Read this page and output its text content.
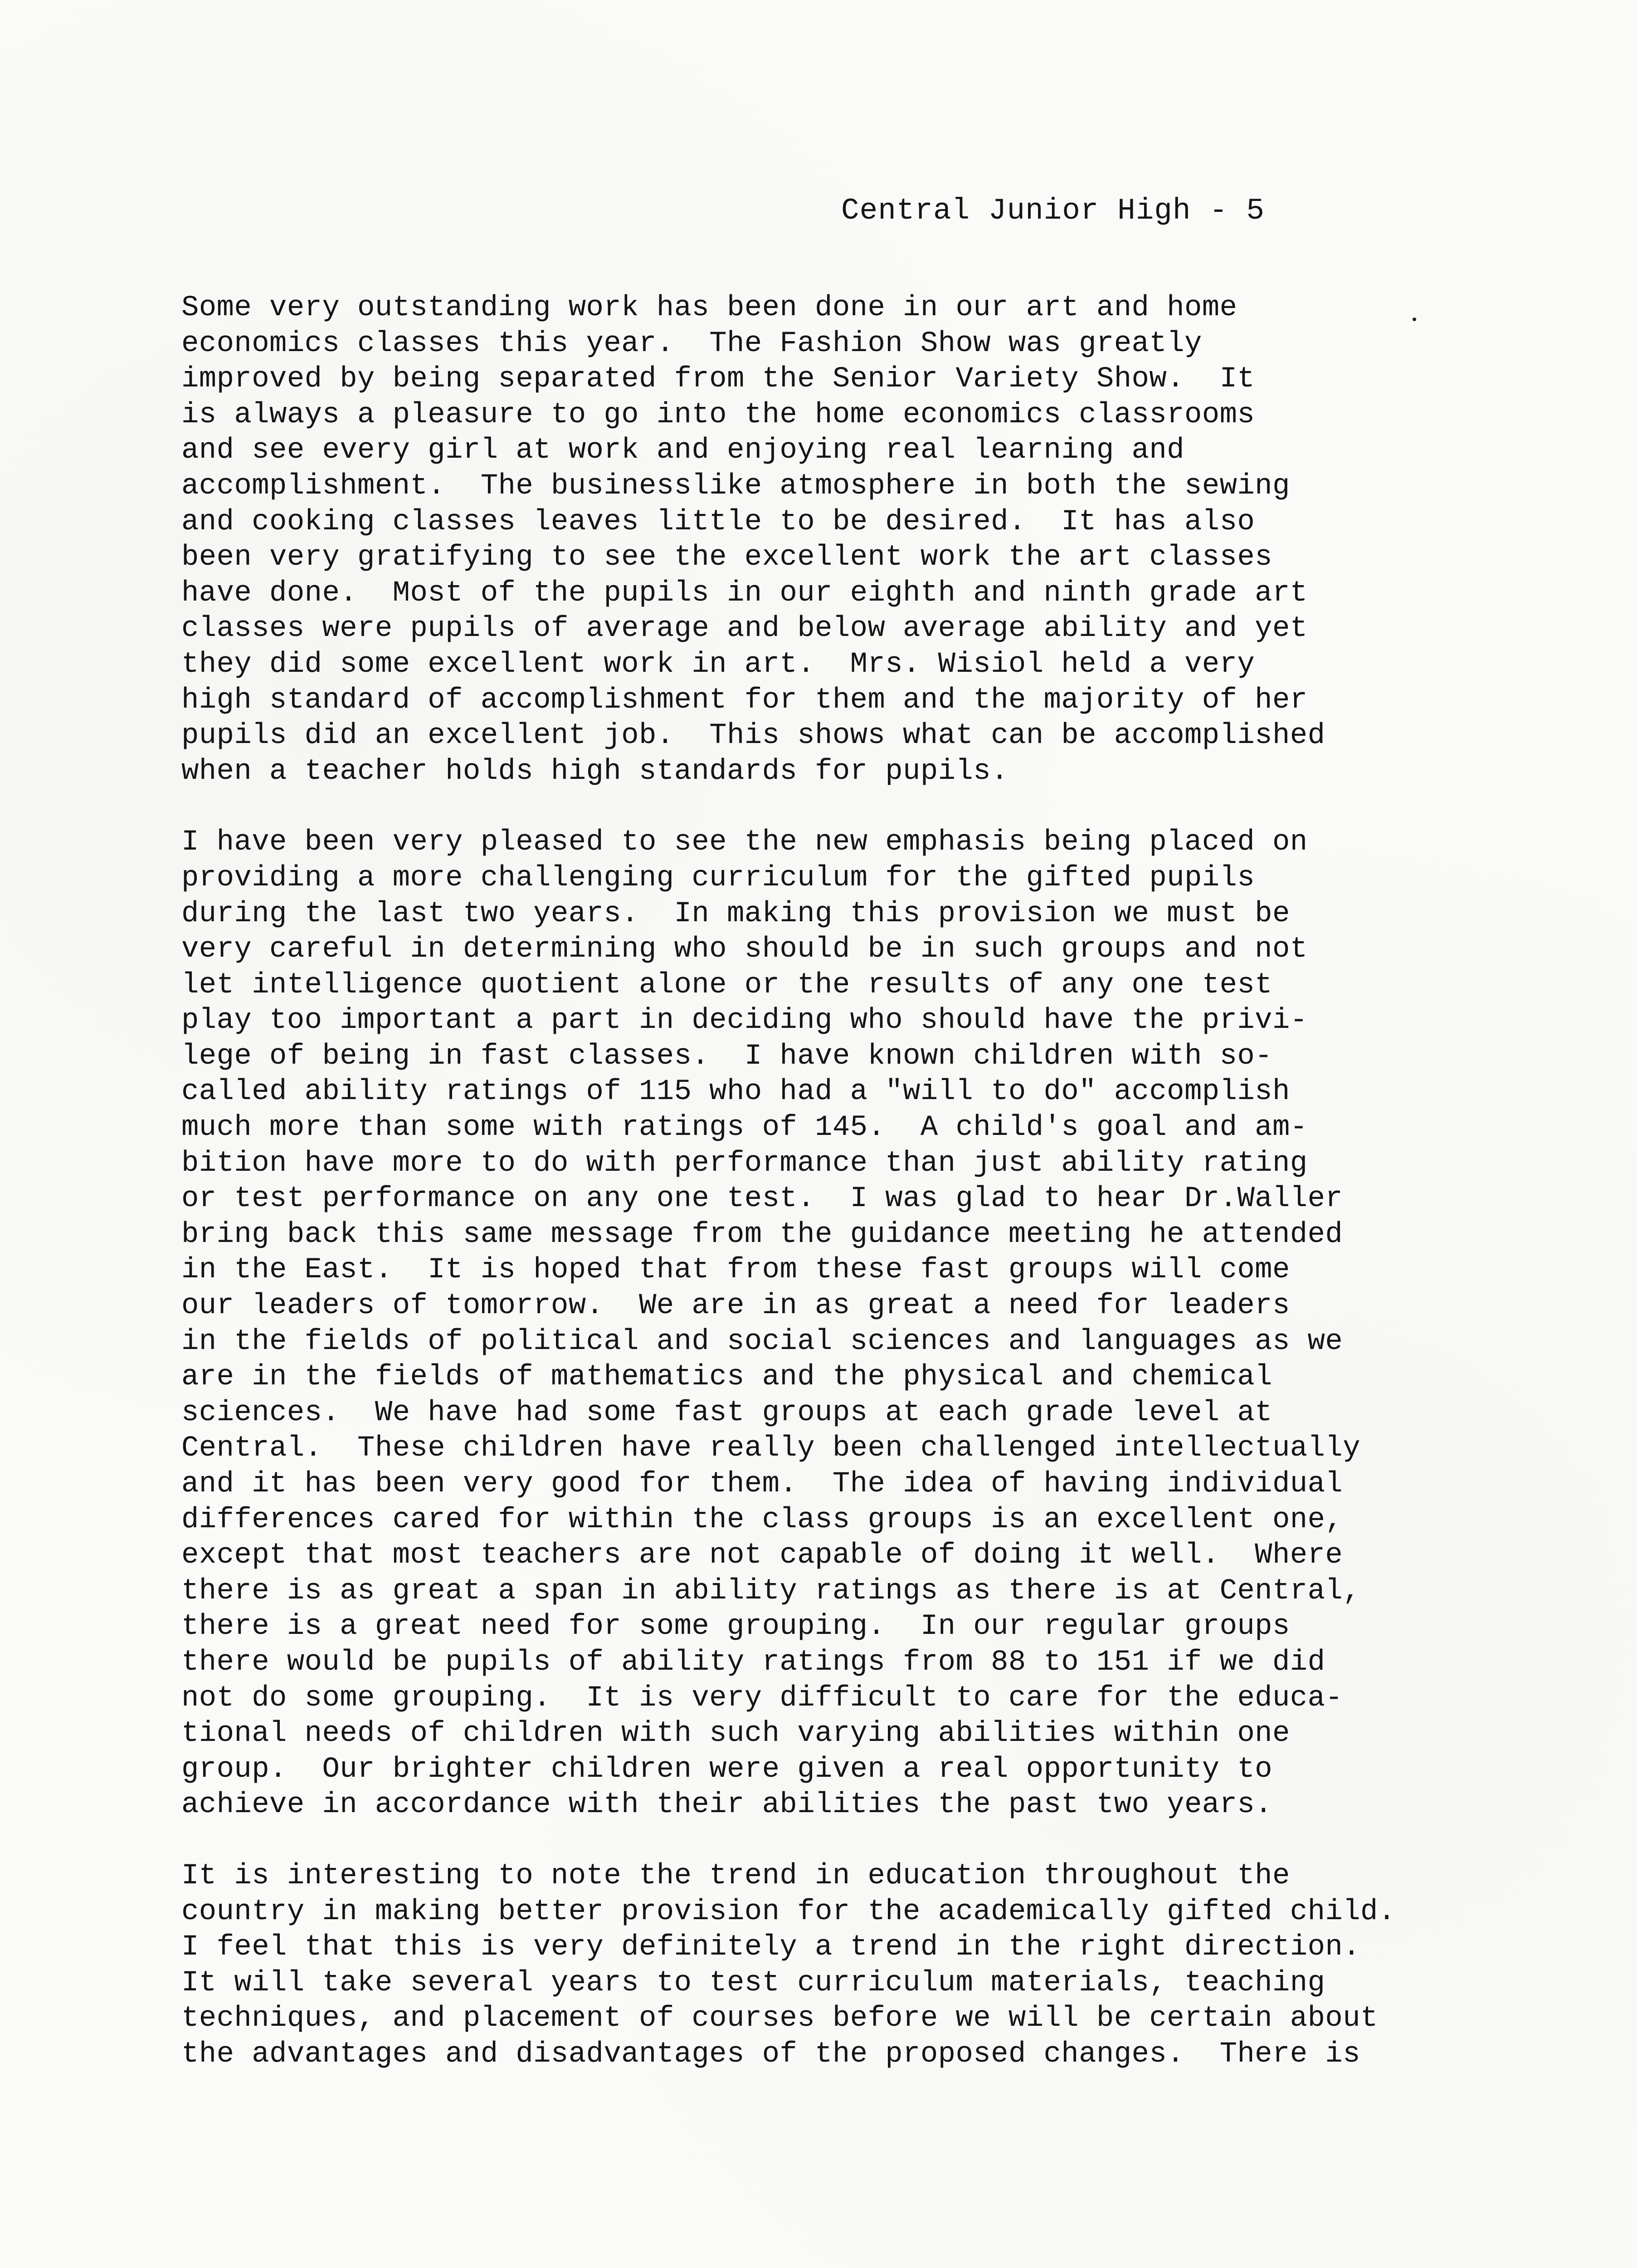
Central Junior High - 5
Some very outstanding work has been done in our art and home
economics classes this year.  The Fashion Show was greatly
improved by being separated from the Senior Variety Show.  It
is always a pleasure to go into the home economics classrooms
and see every girl at work and enjoying real learning and
accomplishment.  The businesslike atmosphere in both the sewing
and cooking classes leaves little to be desired.  It has also
been very gratifying to see the excellent work the art classes
have done.  Most of the pupils in our eighth and ninth grade art
classes were pupils of average and below average ability and yet
they did some excellent work in art.  Mrs. Wisiol held a very
high standard of accomplishment for them and the majority of her
pupils did an excellent job.  This shows what can be accomplished
when a teacher holds high standards for pupils.
I have been very pleased to see the new emphasis being placed on
providing a more challenging curriculum for the gifted pupils
during the last two years.  In making this provision we must be
very careful in determining who should be in such groups and not
let intelligence quotient alone or the results of any one test
play too important a part in deciding who should have the privi-
lege of being in fast classes.  I have known children with so-
called ability ratings of 115 who had a "will to do" accomplish
much more than some with ratings of 145.  A child's goal and am-
bition have more to do with performance than just ability rating
or test performance on any one test.  I was glad to hear Dr.Waller
bring back this same message from the guidance meeting he attended
in the East.  It is hoped that from these fast groups will come
our leaders of tomorrow.  We are in as great a need for leaders
in the fields of political and social sciences and languages as we
are in the fields of mathematics and the physical and chemical
sciences.  We have had some fast groups at each grade level at
Central.  These children have really been challenged intellectually
and it has been very good for them.  The idea of having individual
differences cared for within the class groups is an excellent one,
except that most teachers are not capable of doing it well.  Where
there is as great a span in ability ratings as there is at Central,
there is a great need for some grouping.  In our regular groups
there would be pupils of ability ratings from 88 to 151 if we did
not do some grouping.  It is very difficult to care for the educa-
tional needs of children with such varying abilities within one
group.  Our brighter children were given a real opportunity to
achieve in accordance with their abilities the past two years.
It is interesting to note the trend in education throughout the
country in making better provision for the academically gifted child.
I feel that this is very definitely a trend in the right direction.
It will take several years to test curriculum materials, teaching
techniques, and placement of courses before we will be certain about
the advantages and disadvantages of the proposed changes.  There is
